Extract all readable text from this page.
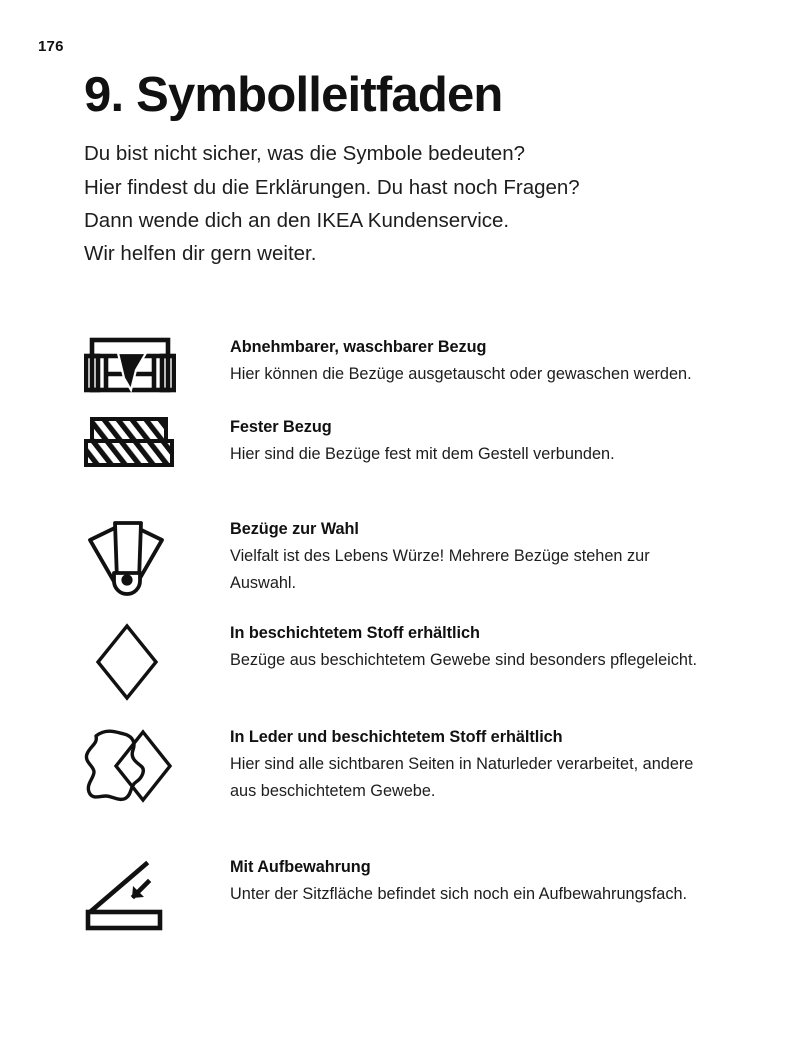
176
9. Symbolleitfaden
Du bist nicht sicher, was die Symbole bedeuten?
Hier findest du die Erklärungen. Du hast noch Fragen?
Dann wende dich an den IKEA Kundenservice.
Wir helfen dir gern weiter.

Abnehmbarer, waschbarer Bezug

Hier können die Bezüge ausgetauscht oder gewaschen werden.

Fester Bezug

Hier sind die Bezüge fest mit dem Gestell verbunden.

Bezüge zur Wahl

Vielfalt ist des Lebens Würze! Mehrere Bezüge stehen zur Auswahl.

In beschichtetem Stoff erhältlich

Bezüge aus beschichtetem Gewebe sind besonders pflegeleicht.

In Leder und beschichtetem Stoff erhältlich

Hier sind alle sichtbaren Seiten in Naturleder verarbeitet, andere aus beschichtetem Gewebe.

Mit Aufbewahrung

Unter der Sitzfläche befindet sich noch ein Aufbewahrungsfach.
